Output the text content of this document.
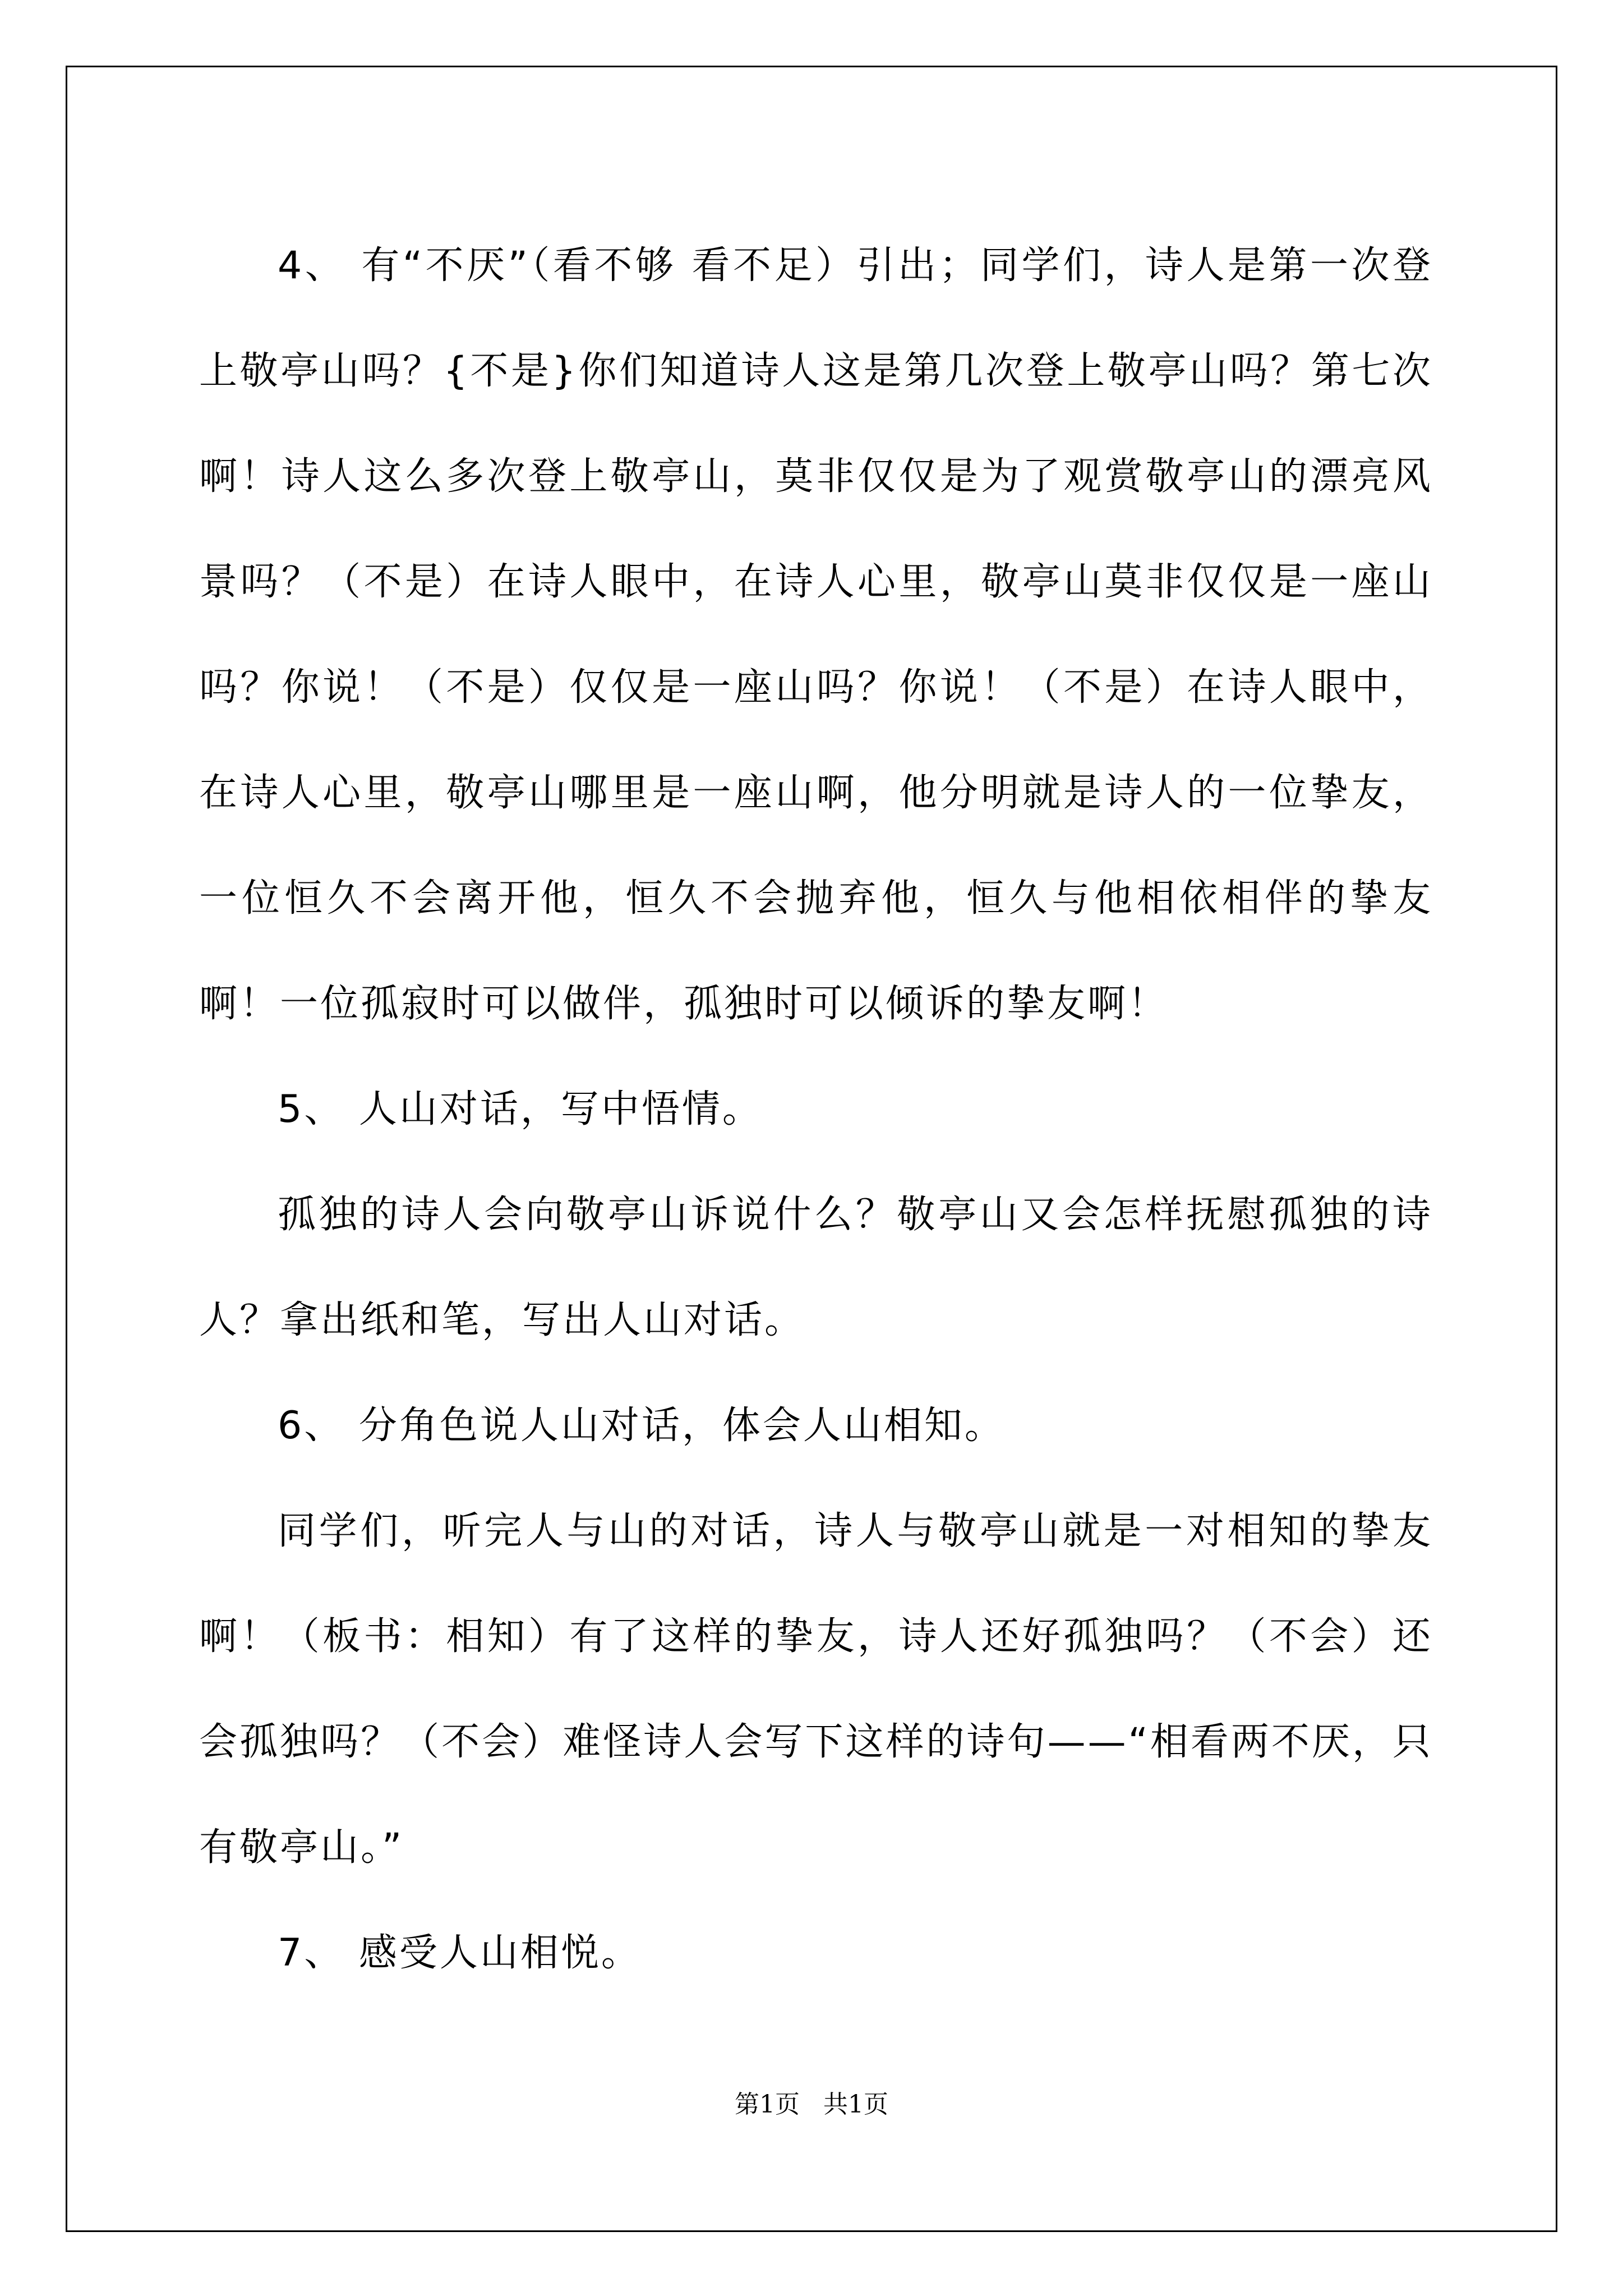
4、 有“不厌”（看不够 看不足）引出；同学们，诗人是第一次登上敬亭山吗？{不是}你们知道诗人这是第几次登上敬亭山吗？第七次啊！诗人这么多次登上敬亭山，莫非仅仅是为了观赏敬亭山的漂亮风景吗？（不是）在诗人眼中，在诗人心里，敬亭山莫非仅仅是一座山吗？你说！（不是）仅仅是一座山吗？你说！（不是）在诗人眼中，在诗人心里，敬亭山哪里是一座山啊，他分明就是诗人的一位挚友，一位恒久不会离开他，恒久不会抛弃他，恒久与他相依相伴的挚友啊！一位孤寂时可以做伴，孤独时可以倾诉的挚友啊！

5、 人山对话，写中悟情。

孤独的诗人会向敬亭山诉说什么？敬亭山又会怎样抚慰孤独的诗人？拿出纸和笔，写出人山对话。

6、 分角色说人山对话，体会人山相知。

同学们，听完人与山的对话，诗人与敬亭山就是一对相知的挚友啊！（板书：相知）有了这样的挚友，诗人还好孤独吗？（不会）还会孤独吗？（不会）难怪诗人会写下这样的诗句——“相看两不厌，只有敬亭山。”

7、 感受人山相悦。

第1页   共1页
